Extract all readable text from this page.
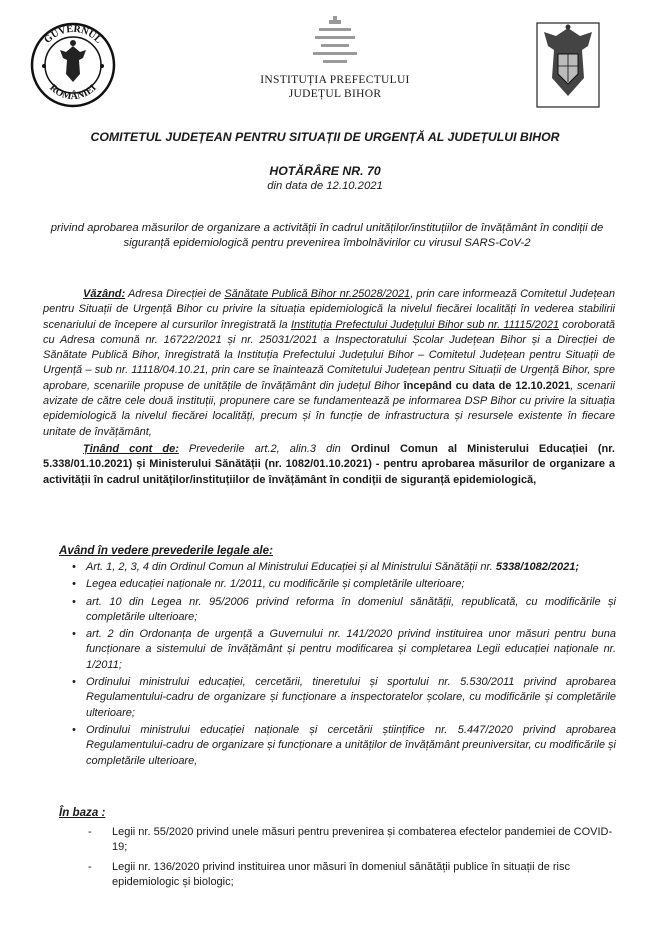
GUVERNUL
ROMÂNIEI
INSTITUȚIA PREFECTULUI
JUDEȚUL BIHOR
COMITETUL JUDEȚEAN PENTRU SITUAȚII DE URGENȚĂ AL JUDEȚULUI BIHOR
HOTĂRÂRE NR. 70
din data de 12.10.2021
privind aprobarea măsurilor de organizare a activității în cadrul unităților/instituțiilor de învățământ în condiții de siguranță epidemiologică pentru prevenirea îmbolnăvirilor cu virusul SARS-CoV-2
Văzând: Adresa Direcției de Sănătate Publică Bihor nr.25028/2021, prin care informează Comitetul Județean pentru Situații de Urgență Bihor cu privire la situația epidemiologică la nivelul fiecărei localități în vederea stabilirii scenariului de începere al cursurilor înregistrată la Instituția Prefectului Județului Bihor sub nr. 11115/2021 coroborată cu Adresa comună nr. 16722/2021 și nr. 25031/2021 a Inspectoratului Școlar Județean Bihor și a Direcției de Sănătate Publică Bihor, înregistrată la Instituția Prefectului Județului Bihor – Comitetul Județean pentru Situații de Urgență – sub nr. 11118/04.10.21, prin care se înaintează Comitetului Județean pentru Situații de Urgență Bihor, spre aprobare, scenariile propuse de unitățile de învățământ din județul Bihor începând cu data de 12.10.2021, scenarii avizate de către cele două instituții, propunere care se fundamentează pe informarea DSP Bihor cu privire la situația epidemiologică la nivelul fiecărei localități, precum și în funcție de infrastructura și resursele existente în fiecare unitate de învățământ,
Ținând cont de: Prevederile art.2, alin.3 din Ordinul Comun al Ministerului Educației (nr. 5.338/01.10.2021) și Ministerului Sănătății (nr. 1082/01.10.2021) - pentru aprobarea măsurilor de organizare a activității în cadrul unităților/instituțiilor de învățământ în condiții de siguranță epidemiologică,
Având în vedere prevederile legale ale:
• Art. 1, 2, 3, 4 din Ordinul Comun al Ministrului Educației și al Ministrului Sănătății nr. 5338/1082/2021;
• Legea educației naționale nr. 1/2011, cu modificările și completările ulterioare;
• art. 10 din Legea nr. 95/2006 privind reforma în domeniul sănătății, republicată, cu modificările și completările ulterioare;
• art. 2 din Ordonanța de urgență a Guvernului nr. 141/2020 privind instituirea unor măsuri pentru buna funcționare a sistemului de învățământ și pentru modificarea și completarea Legii educației naționale nr. 1/2011;
• Ordinului ministrului educației, cercetării, tineretului și sportului nr. 5.530/2011 privind aprobarea Regulamentului-cadru de organizare și funcționare a inspectoratelor școlare, cu modificările și completările ulterioare;
• Ordinului ministrului educației naționale și cercetării științifice nr. 5.447/2020 privind aprobarea Regulamentului-cadru de organizare și funcționare a unităților de învățământ preuniversitar, cu modificările și completările ulterioare,
În baza :
- Legii nr. 55/2020 privind unele măsuri pentru prevenirea și combaterea efectelor pandemiei de COVID-19;
- Legii nr. 136/2020 privind instituirea unor măsuri în domeniul sănătății publice în situații de risc epidemiologic și biologic;
